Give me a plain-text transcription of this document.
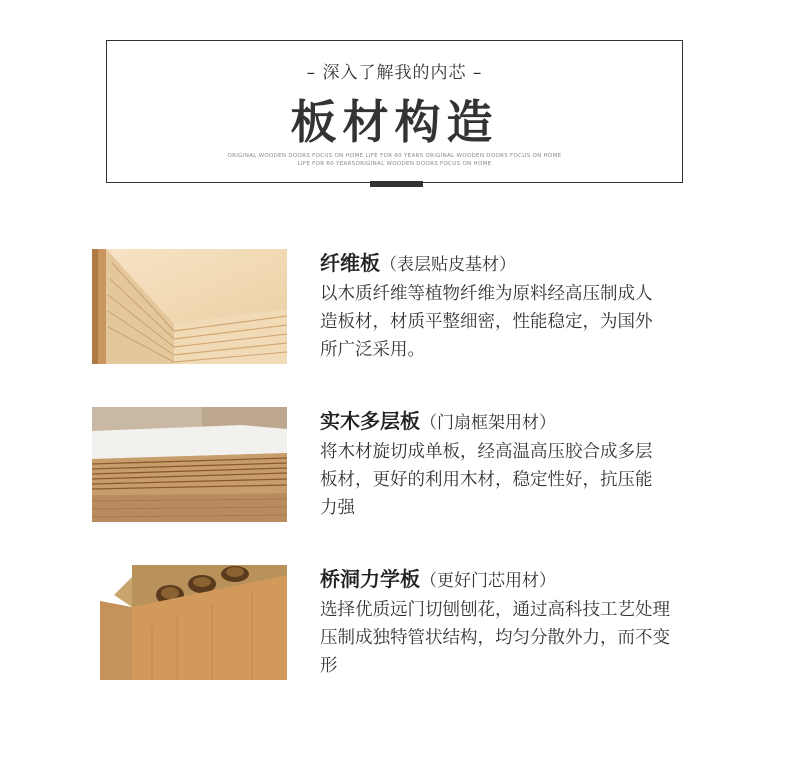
– 深入了解我的内芯 –
板材构造
ORIGINAL WOODEN DOORS FOCUS ON HOME LIFE FOR 60 YEARS ORIGINAL WOODEN DOORS FOCUS ON HOME LIFE FOR 60 YEARSORIGINAL WOODEN DOORS FOCUS ON HOME
纤维板（表层贴皮基材）
以木质纤维等植物纤维为原料经高压制成人
造板材，材质平整细密，性能稳定，为国外
所广泛采用。
实木多层板（门扇框架用材）
将木材旋切成单板，经高温高压胶合成多层
板材，更好的利用木材，稳定性好，抗压能
力强
桥洞力学板（更好门芯用材）
选择优质远门切刨刨花，通过高科技工艺处理
压制成独特管状结构，均匀分散外力，而不变
形
